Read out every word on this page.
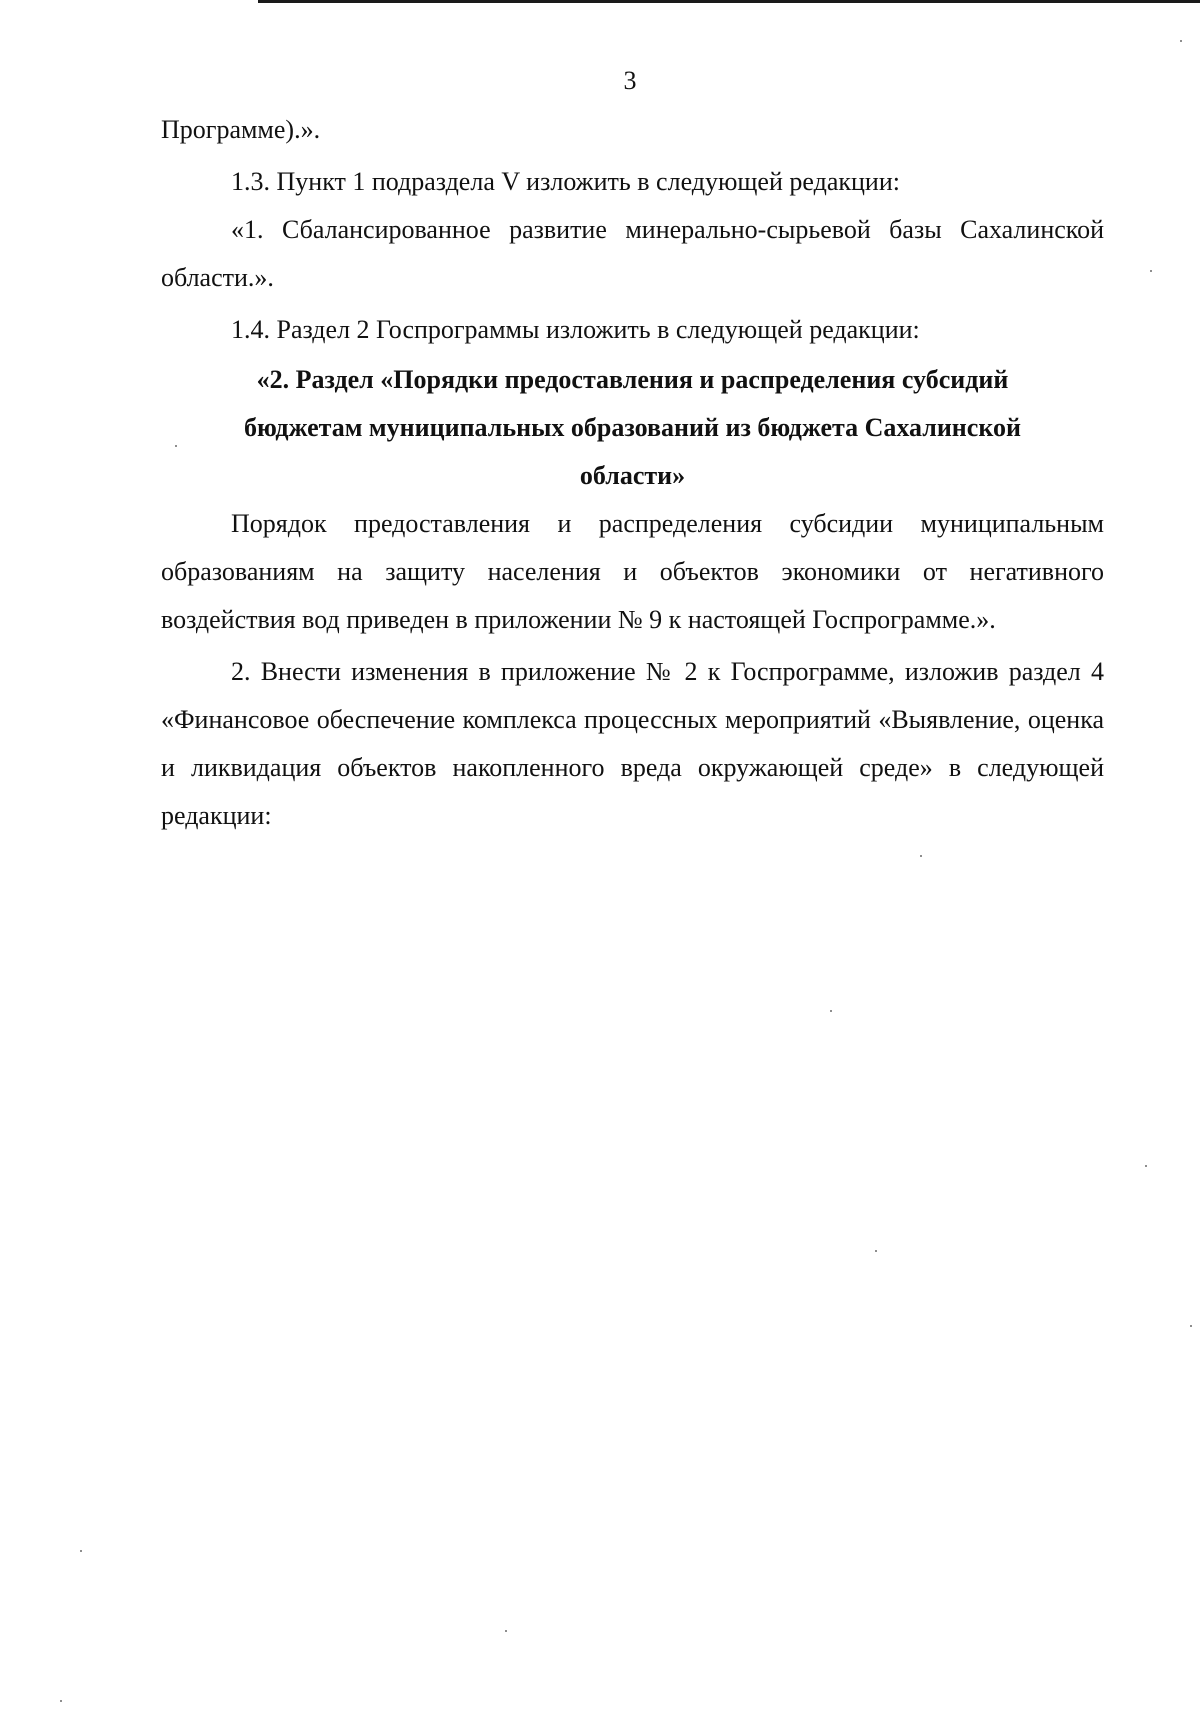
3

Программе).».

1.3. Пункт 1 подраздела V изложить в следующей редакции:

«1. Сбалансированное развитие минерально-сырьевой базы Сахалинской области.».

1.4. Раздел 2 Госпрограммы изложить в следующей редакции:

«2. Раздел «Порядки предоставления и распределения субсидий
бюджетам муниципальных образований из бюджета Сахалинской
области»

Порядок предоставления и распределения субсидии муниципальным образованиям на защиту населения и объектов экономики от негативного воздействия вод приведен в приложении № 9 к настоящей Госпрограмме.».

2. Внести изменения в приложение № 2 к Госпрограмме, изложив раздел 4 «Финансовое обеспечение комплекса процессных мероприятий «Выявление, оценка и ликвидация объектов накопленного вреда окружающей среде» в следующей редакции:
